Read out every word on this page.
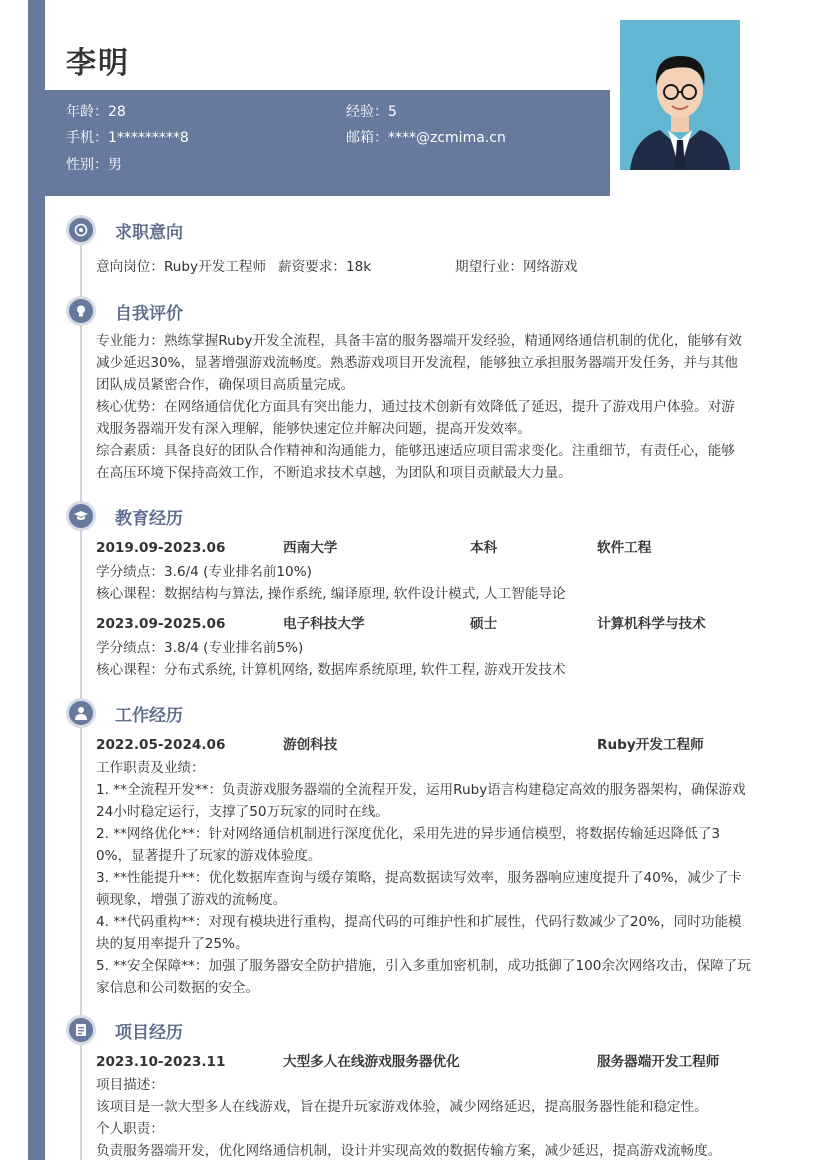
李明
年龄：28	经验：5
手机：1*********8	邮箱：****@zcmima.cn
性别：男
求职意向
意向岗位：Ruby开发工程师 薪资要求：18k	期望行业：网络游戏
自我评价
专业能力：熟练掌握Ruby开发全流程，具备丰富的服务器端开发经验，精通网络通信机制的优化，能够有效
减少延迟30%，显著增强游戏流畅度。熟悉游戏项目开发流程，能够独立承担服务器端开发任务，并与其他
团队成员紧密合作，确保项目高质量完成。
核心优势：在网络通信优化方面具有突出能力，通过技术创新有效降低了延迟，提升了游戏用户体验。对游
戏服务器端开发有深入理解，能够快速定位并解决问题，提高开发效率。
综合素质：具备良好的团队合作精神和沟通能力，能够迅速适应项目需求变化。注重细节，有责任心，能够
在高压环境下保持高效工作，不断追求技术卓越，为团队和项目贡献最大力量。
教育经历
2019.09-2023.06	西南大学	本科	软件工程
学分绩点：3.6/4 (专业排名前10%)
核心课程：数据结构与算法, 操作系统, 编译原理, 软件设计模式, 人工智能导论
2023.09-2025.06	电子科技大学	硕士	计算机科学与技术
学分绩点：3.8/4 (专业排名前5%)
核心课程：分布式系统, 计算机网络, 数据库系统原理, 软件工程, 游戏开发技术
工作经历
2022.05-2024.06	游创科技	Ruby开发工程师
工作职责及业绩：
1. **全流程开发**：负责游戏服务器端的全流程开发，运用Ruby语言构建稳定高效的服务器架构，确保游戏
24小时稳定运行，支撑了50万玩家的同时在线。
2. **网络优化**：针对网络通信机制进行深度优化，采用先进的异步通信模型，将数据传输延迟降低了3
0%，显著提升了玩家的游戏体验度。
3. **性能提升**：优化数据库查询与缓存策略，提高数据读写效率，服务器响应速度提升了40%，减少了卡
顿现象，增强了游戏的流畅度。
4. **代码重构**：对现有模块进行重构，提高代码的可维护性和扩展性，代码行数减少了20%，同时功能模
块的复用率提升了25%。
5. **安全保障**：加强了服务器安全防护措施，引入多重加密机制，成功抵御了100余次网络攻击，保障了玩
家信息和公司数据的安全。
项目经历
2023.10-2023.11	大型多人在线游戏服务器优化	服务器端开发工程师
项目描述：
该项目是一款大型多人在线游戏，旨在提升玩家游戏体验，减少网络延迟，提高服务器性能和稳定性。
个人职责：
负责服务器端开发，优化网络通信机制，设计并实现高效的数据传输方案，减少延迟，提高游戏流畅度。
